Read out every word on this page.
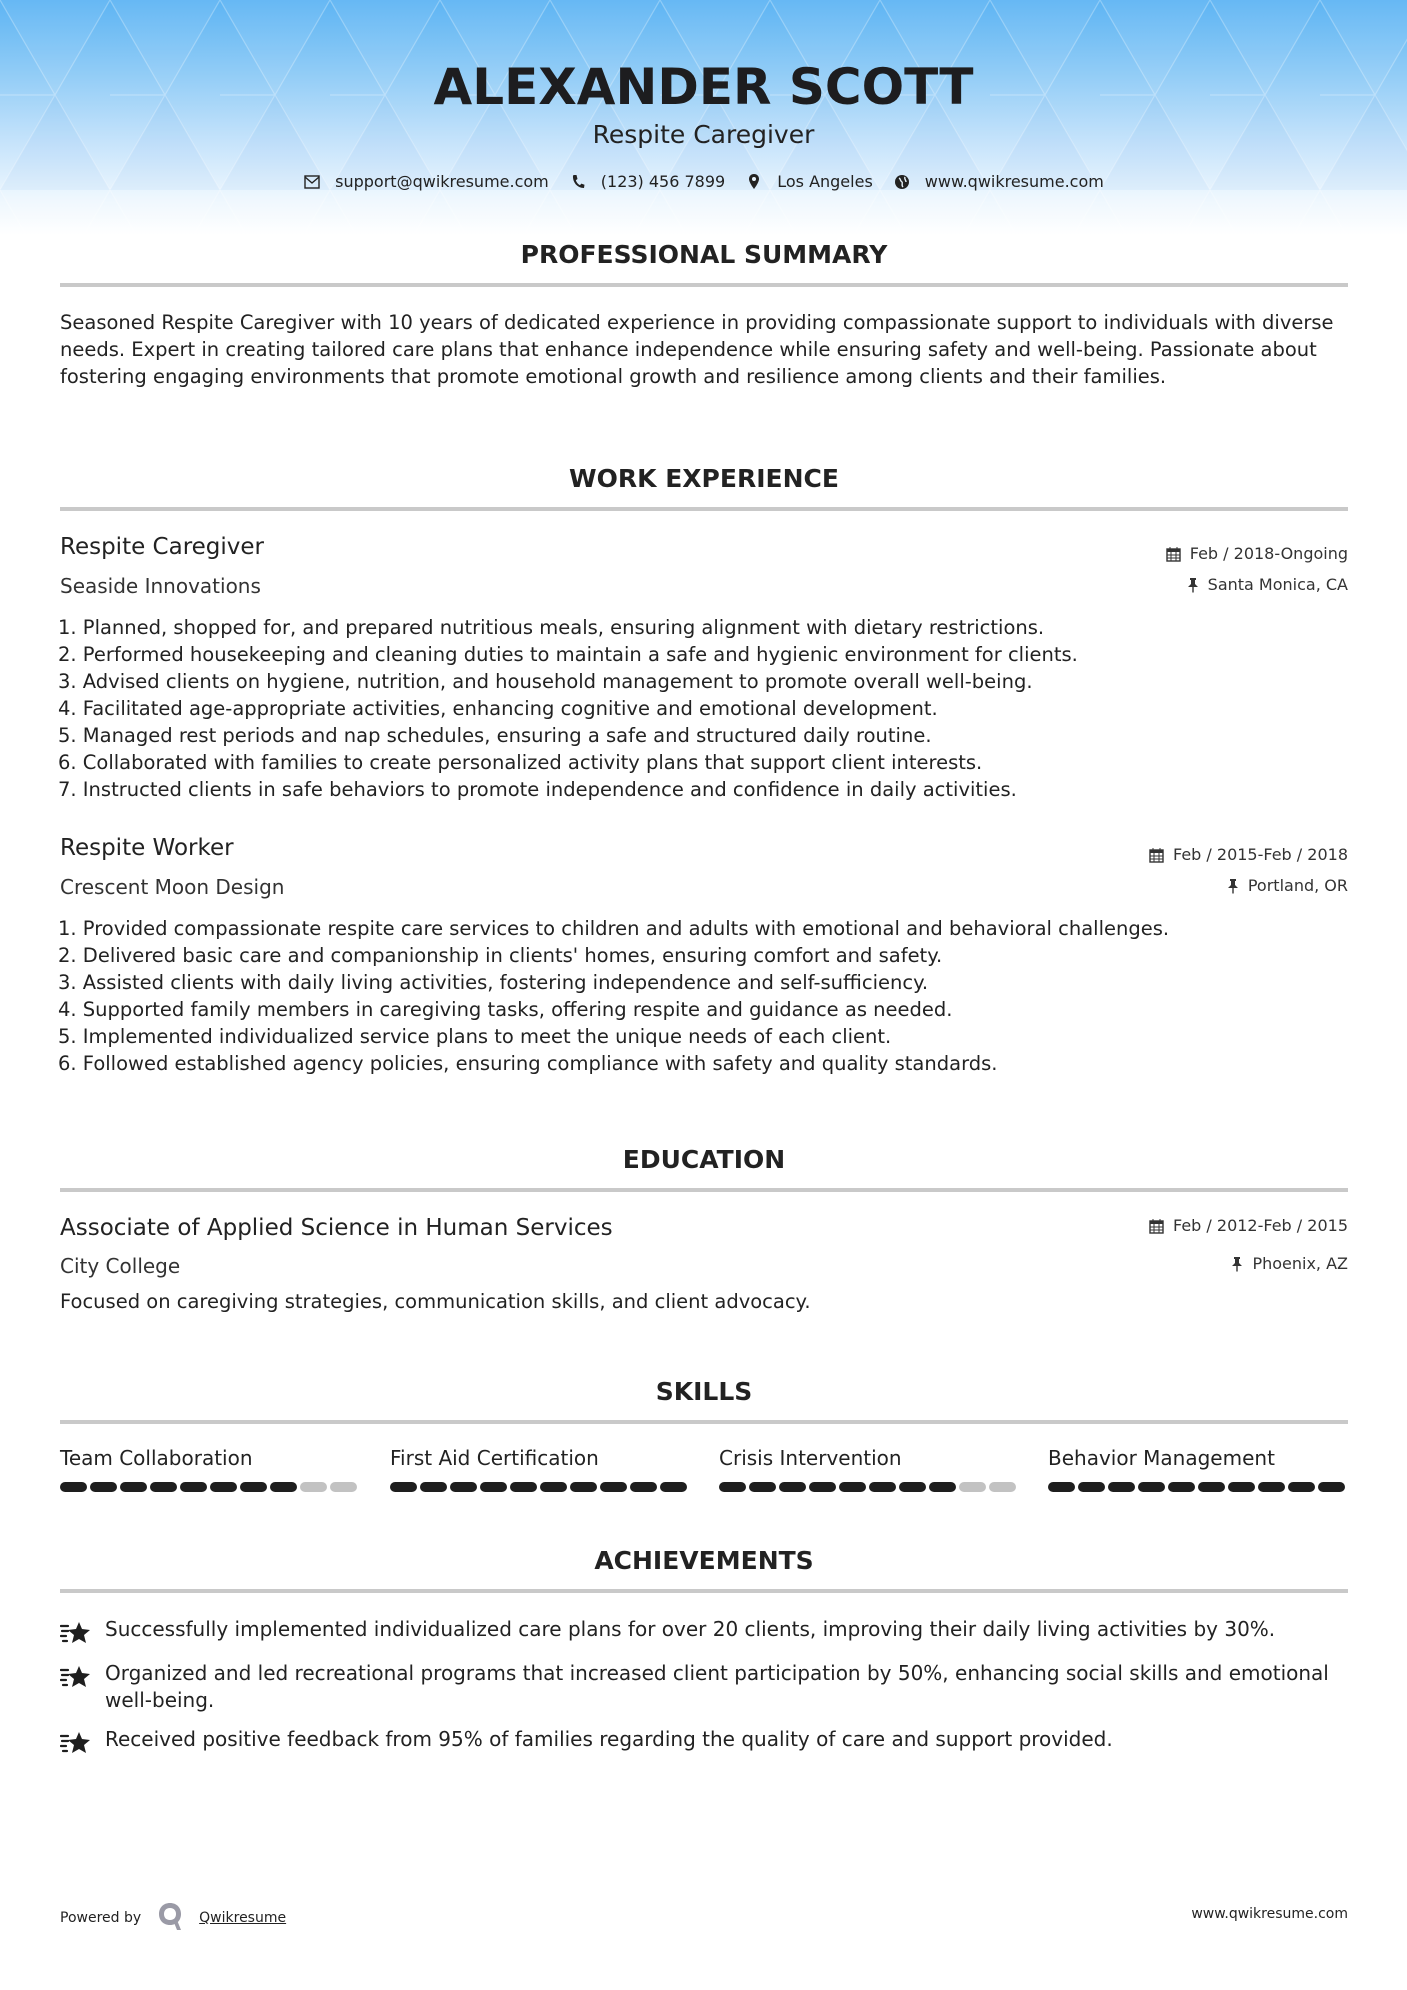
ALEXANDER SCOTT
Respite Caregiver
support@qwikresume.com	(123) 456 7899	Los Angeles	www.qwikresume.com
PROFESSIONAL SUMMARY
Seasoned Respite Caregiver with 10 years of dedicated experience in providing compassionate support to individuals with diverse needs. Expert in creating tailored care plans that enhance independence while ensuring safety and well-being. Passionate about fostering engaging environments that promote emotional growth and resilience among clients and their families.
WORK EXPERIENCE
Respite Caregiver
Seaside Innovations
Feb / 2018-Ongoing
Santa Monica, CA
1. Planned, shopped for, and prepared nutritious meals, ensuring alignment with dietary restrictions.
2. Performed housekeeping and cleaning duties to maintain a safe and hygienic environment for clients.
3. Advised clients on hygiene, nutrition, and household management to promote overall well-being.
4. Facilitated age-appropriate activities, enhancing cognitive and emotional development.
5. Managed rest periods and nap schedules, ensuring a safe and structured daily routine.
6. Collaborated with families to create personalized activity plans that support client interests.
7. Instructed clients in safe behaviors to promote independence and confidence in daily activities.
Respite Worker
Crescent Moon Design
Feb / 2015-Feb / 2018
Portland, OR
1. Provided compassionate respite care services to children and adults with emotional and behavioral challenges.
2. Delivered basic care and companionship in clients' homes, ensuring comfort and safety.
3. Assisted clients with daily living activities, fostering independence and self-sufficiency.
4. Supported family members in caregiving tasks, offering respite and guidance as needed.
5. Implemented individualized service plans to meet the unique needs of each client.
6. Followed established agency policies, ensuring compliance with safety and quality standards.
EDUCATION
Associate of Applied Science in Human Services
City College
Feb / 2012-Feb / 2015
Phoenix, AZ
Focused on caregiving strategies, communication skills, and client advocacy.
SKILLS
Team Collaboration	First Aid Certification	Crisis Intervention	Behavior Management
ACHIEVEMENTS
Successfully implemented individualized care plans for over 20 clients, improving their daily living activities by 30%.
Organized and led recreational programs that increased client participation by 50%, enhancing social skills and emotional well-being.
Received positive feedback from 95% of families regarding the quality of care and support provided.
Powered by	Qwikresume	www.qwikresume.com
